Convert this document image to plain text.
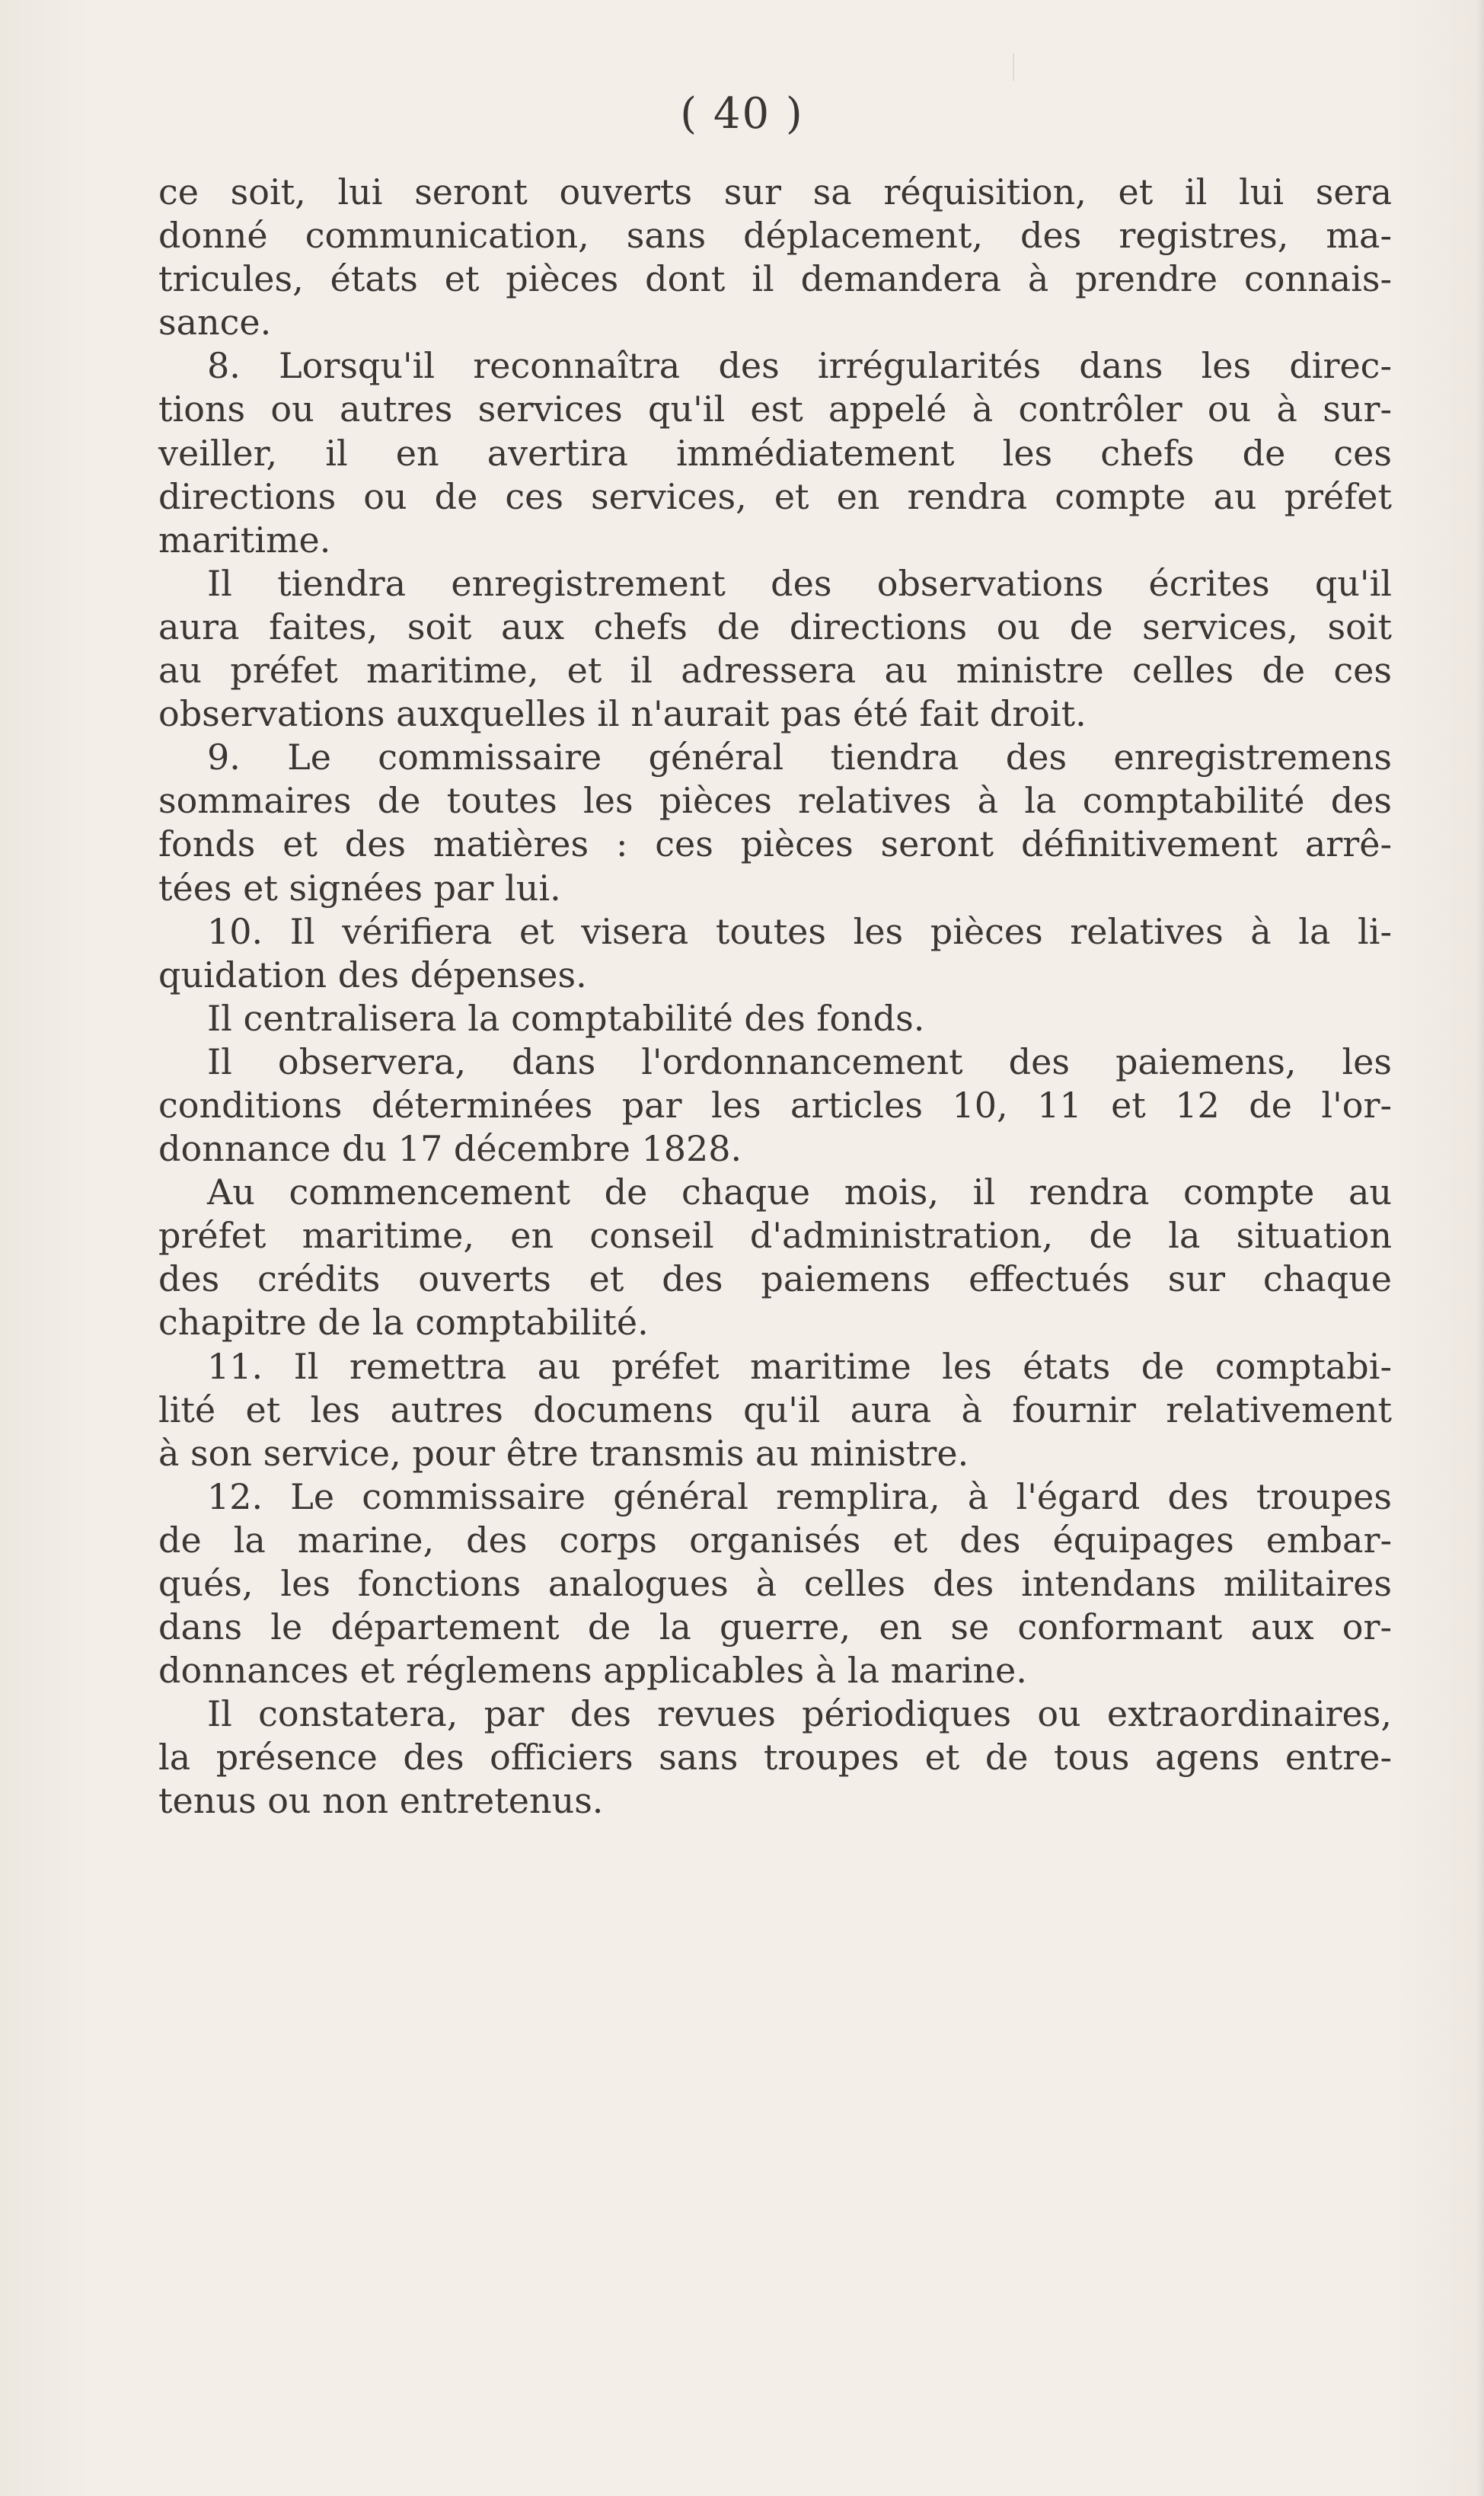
( 40 )
ce soit, lui seront ouverts sur sa réquisition, et il lui sera
donné communication, sans déplacement, des registres, ma-
tricules, états et pièces dont il demandera à prendre connais-
sance.
8. Lorsqu'il reconnaîtra des irrégularités dans les direc-
tions ou autres services qu'il est appelé à contrôler ou à sur-
veiller, il en avertira immédiatement les chefs de ces
directions ou de ces services, et en rendra compte au préfet
maritime.
Il tiendra enregistrement des observations écrites qu'il
aura faites, soit aux chefs de directions ou de services, soit
au préfet maritime, et il adressera au ministre celles de ces
observations auxquelles il n'aurait pas été fait droit.
9. Le commissaire général tiendra des enregistremens
sommaires de toutes les pièces relatives à la comptabilité des
fonds et des matières : ces pièces seront définitivement arrê-
tées et signées par lui.
10. Il vérifiera et visera toutes les pièces relatives à la li-
quidation des dépenses.
Il centralisera la comptabilité des fonds.
Il observera, dans l'ordonnancement des paiemens, les
conditions déterminées par les articles 10, 11 et 12 de l'or-
donnance du 17 décembre 1828.
Au commencement de chaque mois, il rendra compte au
préfet maritime, en conseil d'administration, de la situation
des crédits ouverts et des paiemens effectués sur chaque
chapitre de la comptabilité.
11. Il remettra au préfet maritime les états de comptabi-
lité et les autres documens qu'il aura à fournir relativement
à son service, pour être transmis au ministre.
12. Le commissaire général remplira, à l'égard des troupes
de la marine, des corps organisés et des équipages embar-
qués, les fonctions analogues à celles des intendans militaires
dans le département de la guerre, en se conformant aux or-
donnances et réglemens applicables à la marine.
Il constatera, par des revues périodiques ou extraordinaires,
la présence des officiers sans troupes et de tous agens entre-
tenus ou non entretenus.
